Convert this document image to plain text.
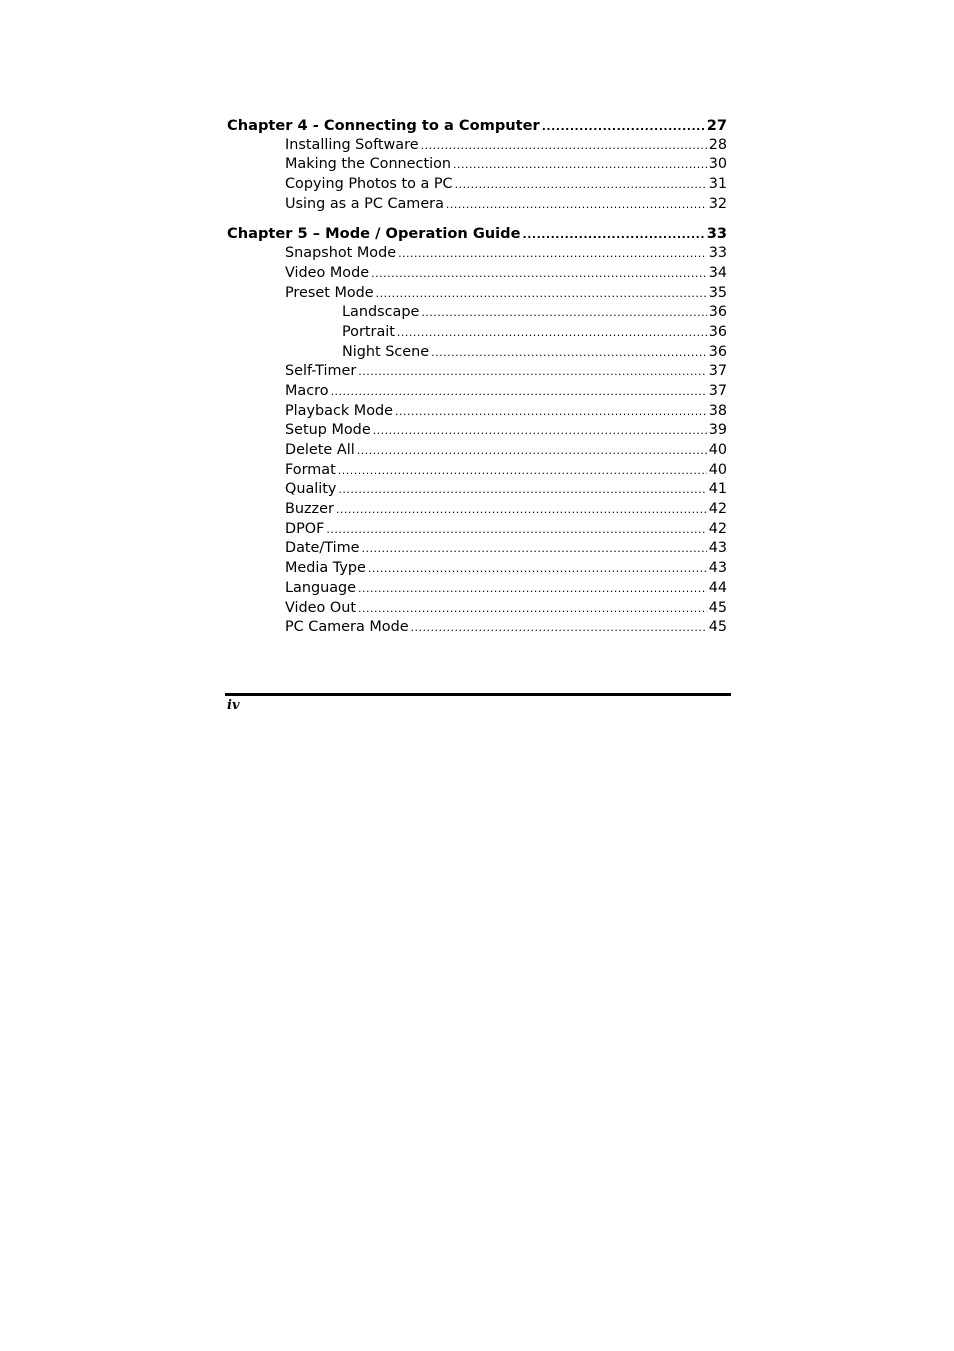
Chapter 4 - Connecting to a Computer .....	27
Installing Software .....	28
Making the Connection .....	30
Copying Photos to a PC .....	31
Using as a PC Camera .....	32
Chapter 5 – Mode / Operation Guide .....	33
Snapshot Mode .....	33
Video Mode .....	34
Preset Mode .....	35
Landscape .....	36
Portrait .....	36
Night Scene .....	36
Self-Timer .....	37
Macro .....	37
Playback Mode .....	38
Setup Mode .....	39
Delete All .....	40
Format .....	40
Quality .....	41
Buzzer .....	42
DPOF .....	42
Date/Time .....	43
Media Type .....	43
Language .....	44
Video Out .....	45
PC Camera Mode .....	45
iv
